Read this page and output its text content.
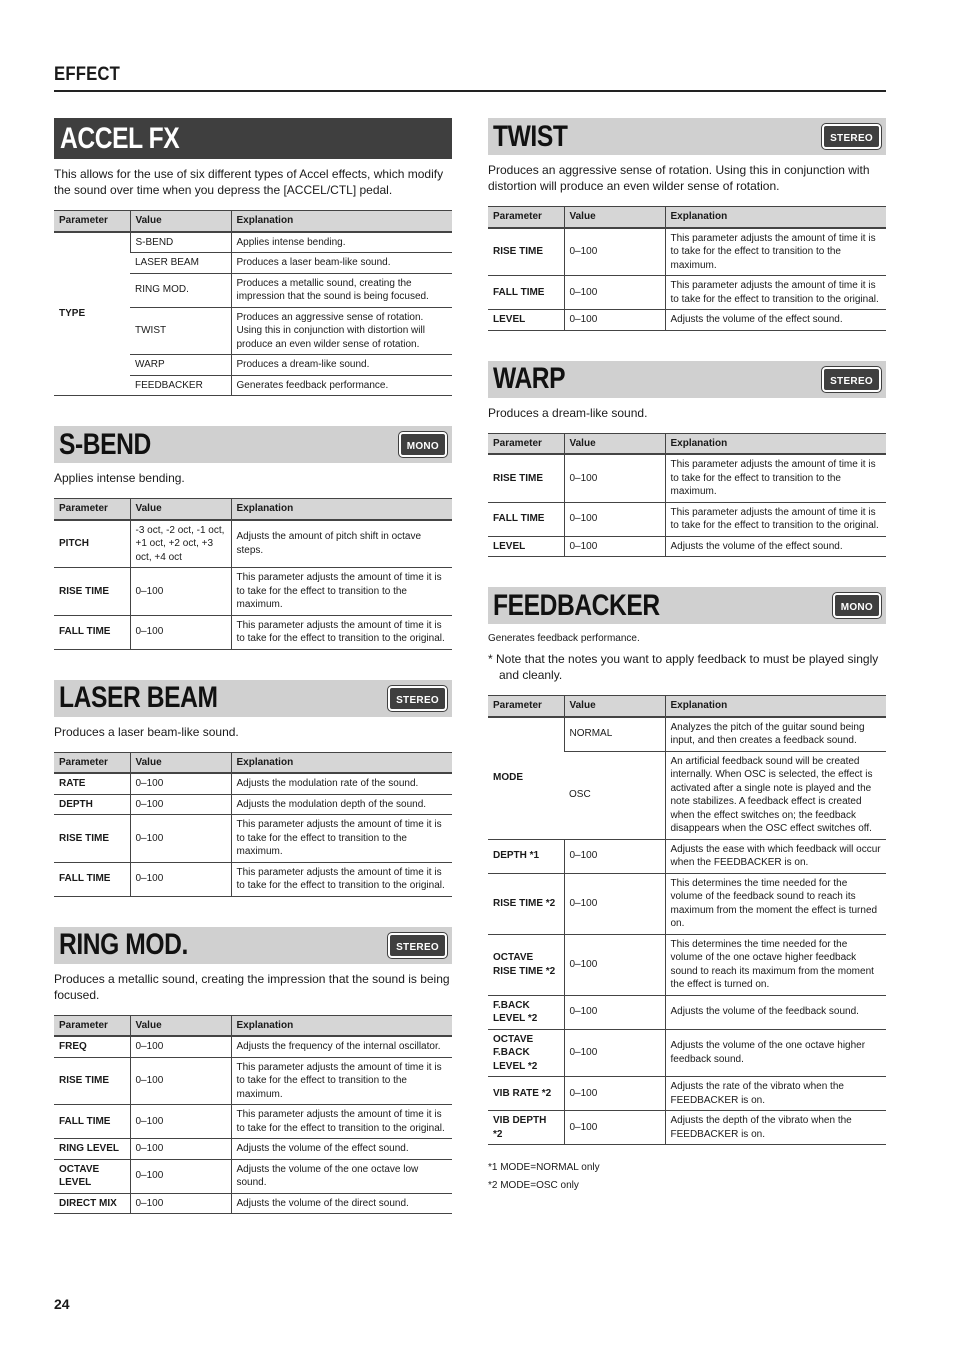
EFFECT
ACCEL FX

This allows for the use of six different types of Accel effects, which modify the sound over time when you depress the [ACCEL/CTL] pedal.

Parameter	Value	Explanation
TYPE	S-BEND	Applies intense bending.
	LASER BEAM	Produces a laser beam-like sound.
	RING MOD.	Produces a metallic sound, creating the impression that the sound is being focused.
	TWIST	Produces an aggressive sense of rotation. Using this in conjunction with distortion will produce an even wilder sense of rotation.
	WARP	Produces a dream-like sound.
	FEEDBACKER	Generates feedback performance.
S-BEND	MONO

Applies intense bending.

Parameter	Value	Explanation
PITCH	-3 oct, -2 oct, -1 oct, +1 oct, +2 oct, +3 oct, +4 oct	Adjusts the amount of pitch shift in octave steps.
RISE TIME	0–100	This parameter adjusts the amount of time it is to take for the effect to transition to the maximum.
FALL TIME	0–100	This parameter adjusts the amount of time it is to take for the effect to transition to the original.
LASER BEAM	STEREO

Produces a laser beam-like sound.

Parameter	Value	Explanation
RATE	0–100	Adjusts the modulation rate of the sound.
DEPTH	0–100	Adjusts the modulation depth of the sound.
RISE TIME	0–100	This parameter adjusts the amount of time it is to take for the effect to transition to the maximum.
FALL TIME	0–100	This parameter adjusts the amount of time it is to take for the effect to transition to the original.
RING MOD.	STEREO

Produces a metallic sound, creating the impression that the sound is being focused.

Parameter	Value	Explanation
FREQ	0–100	Adjusts the frequency of the internal oscillator.
RISE TIME	0–100	This parameter adjusts the amount of time it is to take for the effect to transition to the maximum.
FALL TIME	0–100	This parameter adjusts the amount of time it is to take for the effect to transition to the original.
RING LEVEL	0–100	Adjusts the volume of the effect sound.
OCTAVE LEVEL	0–100	Adjusts the volume of the one octave low sound.
DIRECT MIX	0–100	Adjusts the volume of the direct sound.
TWIST	STEREO

Produces an aggressive sense of rotation. Using this in conjunction with distortion will produce an even wilder sense of rotation.

Parameter	Value	Explanation
RISE TIME	0–100	This parameter adjusts the amount of time it is to take for the effect to transition to the maximum.
FALL TIME	0–100	This parameter adjusts the amount of time it is to take for the effect to transition to the original.
LEVEL	0–100	Adjusts the volume of the effect sound.
WARP	STEREO

Produces a dream-like sound.

Parameter	Value	Explanation
RISE TIME	0–100	This parameter adjusts the amount of time it is to take for the effect to transition to the maximum.
FALL TIME	0–100	This parameter adjusts the amount of time it is to take for the effect to transition to the original.
LEVEL	0–100	Adjusts the volume of the effect sound.
FEEDBACKER	MONO

Generates feedback performance.

* Note that the notes you want to apply feedback to must be played singly and cleanly.

Parameter	Value	Explanation
MODE	NORMAL	Analyzes the pitch of the guitar sound being input, and then creates a feedback sound.
	OSC	An artificial feedback sound will be created internally. When OSC is selected, the effect is activated after a single note is played and the note stabilizes. A feedback effect is created when the effect switches on; the feedback disappears when the OSC effect switches off.
DEPTH *1	0–100	Adjusts the ease with which feedback will occur when the FEEDBACKER is on.
RISE TIME *2	0–100	This determines the time needed for the volume of the feedback sound to reach its maximum from the moment the effect is turned on.
OCTAVE RISE TIME *2	0–100	This determines the time needed for the volume of the one octave higher feedback sound to reach its maximum from the moment the effect is turned on.
F.BACK LEVEL *2	0–100	Adjusts the volume of the feedback sound.
OCTAVE F.BACK LEVEL *2	0–100	Adjusts the volume of the one octave higher feedback sound.
VIB RATE *2	0–100	Adjusts the rate of the vibrato when the FEEDBACKER is on.
VIB DEPTH *2	0–100	Adjusts the depth of the vibrato when the FEEDBACKER is on.
*1 MODE=NORMAL only
*2 MODE=OSC only
24
